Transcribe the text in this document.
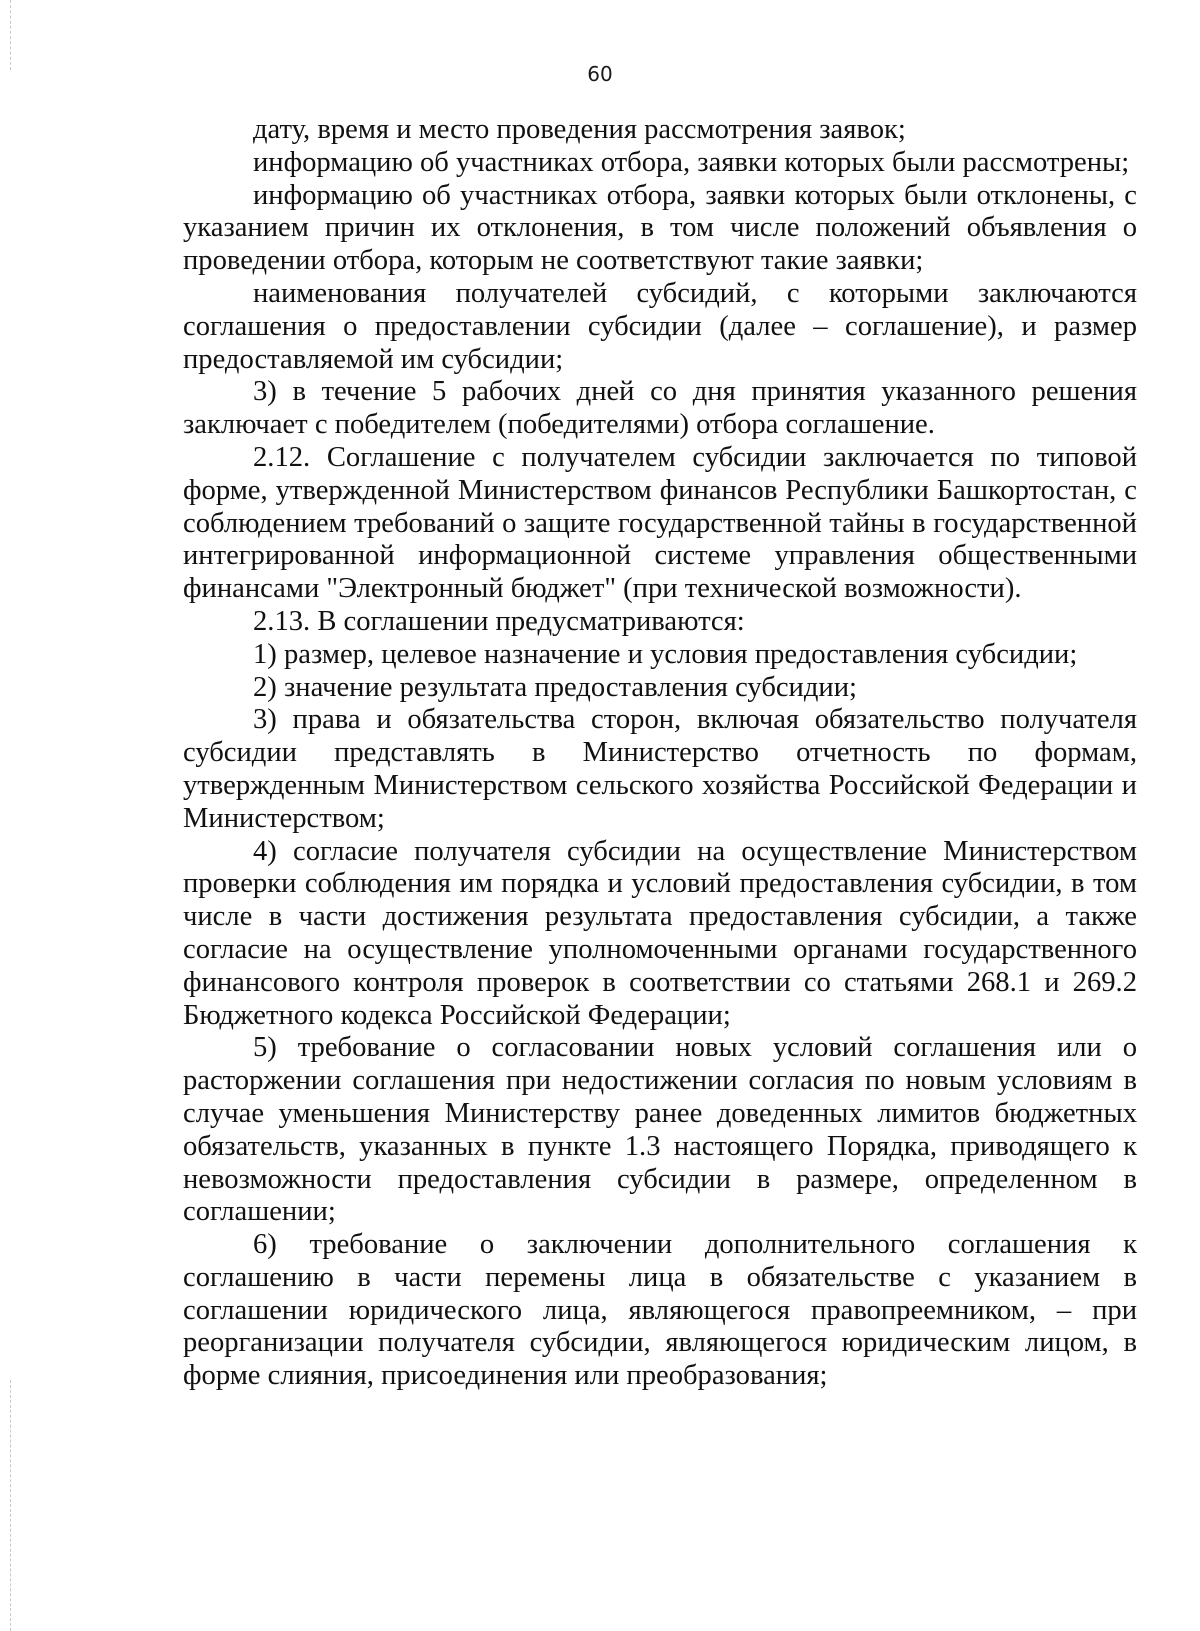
60

дату, время и место проведения рассмотрения заявок;

информацию об участниках отбора, заявки которых были рассмотрены;

информацию об участниках отбора, заявки которых были отклонены, с указанием причин их отклонения, в том числе положений объявления о проведении отбора, которым не соответствуют такие заявки;

наименования получателей субсидий, с которыми заключаются соглашения о предоставлении субсидии (далее – соглашение), и размер предоставляемой им субсидии;

3) в течение 5 рабочих дней со дня принятия указанного решения заключает с победителем (победителями) отбора соглашение.

2.12. Соглашение с получателем субсидии заключается по типовой форме, утвержденной Министерством финансов Республики Башкортостан, с соблюдением требований о защите государственной тайны в государственной интегрированной информационной системе управления общественными финансами "Электронный бюджет" (при технической возможности).

2.13. В соглашении предусматриваются:

1) размер, целевое назначение и условия предоставления субсидии;

2) значение результата предоставления субсидии;

3) права и обязательства сторон, включая обязательство получателя субсидии представлять в Министерство отчетность по формам, утвержденным Министерством сельского хозяйства Российской Федерации и Министерством;

4) согласие получателя субсидии на осуществление Министерством проверки соблюдения им порядка и условий предоставления субсидии, в том числе в части достижения результата предоставления субсидии, а также согласие на осуществление уполномоченными органами государственного финансового контроля проверок в соответствии со статьями 268.1 и 269.2 Бюджетного кодекса Российской Федерации;

5) требование о согласовании новых условий соглашения или о расторжении соглашения при недостижении согласия по новым условиям в случае уменьшения Министерству ранее доведенных лимитов бюджетных обязательств, указанных в пункте 1.3 настоящего Порядка, приводящего к невозможности предоставления субсидии в размере, определенном в соглашении;

6) требование о заключении дополнительного соглашения к соглашению в части перемены лица в обязательстве с указанием в соглашении юридического лица, являющегося правопреемником, – при реорганизации получателя субсидии, являющегося юридическим лицом, в форме слияния, присоединения или преобразования;
